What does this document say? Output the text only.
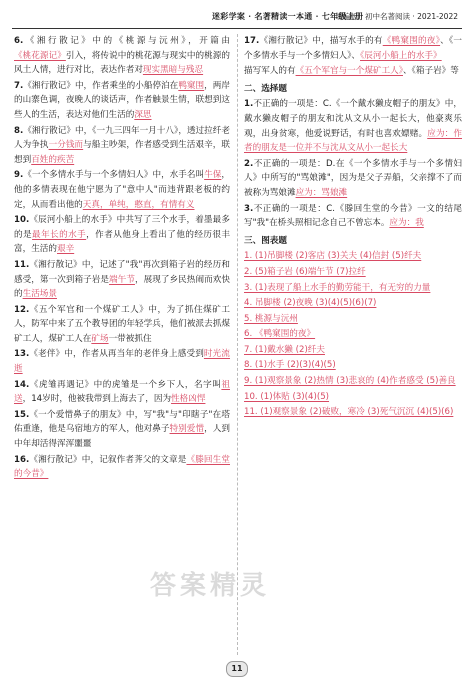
迷彩学案 · 名著精读一本通 · 七年级上册
统编版 · 初中名著阅读 · 2021-2022
6.《湘行散记》中的《桃源与沅州》，开篇由《桃花源记》引入，将传说中的桃花源与现实中的桃源的风土人情，进行对比，表达作者对现实黑暗与残忍
7.《湘行散记》中，作者乘坐的小船停泊在鸭窠围，两岸的山寨色调，夜晚人的谈话声，作者触景生情，联想到这些人的生活，表达对他们生活的深思
8.《湘行散记》中，《一九三四年一月十八》，透过拉纤老人为争执一分钱而与船主吵架，作者感受到生活艰辛，联想到百姓的疾苦
9.《一个多情水手与一个多情妇人》中，水手名叫牛保，他的多情表现在他宁愿为了"意中人"而违背跟老板的约定，从而看出他的天真，单纯，憨直，有情有义
10.《辰河小船上的水手》中共写了三个水手，着墨最多的是最年长的水手，作者从他身上看出了他的经历很丰富，生活的艰辛
11.《湘行散记》中，记述了"我"再次到箱子岩的经历和感受，第一次到箱子岩是端午节，展现了乡民热闹而欢快的生活场景
12.《五个军官和一个煤矿工人》中，为了抓住煤矿工人，防军中来了五个教导团的年轻学兵，他们被派去抓煤矿工人，煤矿工人在矿场一带被抓住
13.《老伴》中，作者从再当年的老伴身上感受到时光流逝
14.《虎雏再遇记》中的虎雏是一个乡下人，名字叫祖送，14岁时，他被我带到上海去了，因为性格凶悍
15.《一个爱惜鼻子的朋友》中，写"我"与"印瞎子"在塔佑重逢，他是乌宿地方的军人，他对鼻子特别爱惜，人到中年却活得浑浑噩噩
16.《湘行散记》中，记叙作者荠父的文章是《滕回生堂的今昔》
17.《湘行散记》中，描写水手的有《鸭窠围的夜》、《一个多情水手与一个多情妇人》、《辰河小船上的水手》
描写军人的有《五个军官与一个煤矿工人》、《箱子岩》等
二、选择题
1.不正确的一项是：C.《一个戴水獭皮帽子的朋友》中，戴水獭皮帽子的朋友和沈从文从小一起长大，他豪爽乐观，出身贫寒，他爱说野话，有时也喜欢嫖赌。应为：作者的朋友是一位并不与沈从文从小一起长大
2.不正确的一项是：D.在《一个多情水手与一个多情妇人》中所写的"骂娘滩"，因为是父子弄船，父亲撑不了而被称为骂娘滩应为：骂娘滩
3.不正确的一项是：C.《滕回生堂的今昔》一文的结尾写"我"在桥头照相记念自己不曾忘本。应为：我
三、图表题
1. (1)吊脚楼 (2)客店 (3)关夫 (4)信封 (5)纤夫
2. (5)箱子岩 (6)端午节 (7)拉纤
3. (1)表现了船上水手的勤劳能干，有无穷的力量
4. 吊脚楼 (2)夜晚 (3)(4)(5)(6)(7)
5. 桃源与沅州
6. 《鸭窠围的夜》
7. (1)戴水獭 (2)纤夫
8. (1)水手 (2)(3)(4)(5)
9. (1)观察景象 (2)热情 (3)悲哀的 (4)作者感受 (5)善良
10. (1)体贴 (3)(4)(5)
11. (1)观察景象 (2)破败，寒冷 (3)死气沉沉 (4)(5)(6)
答案精灵
11
